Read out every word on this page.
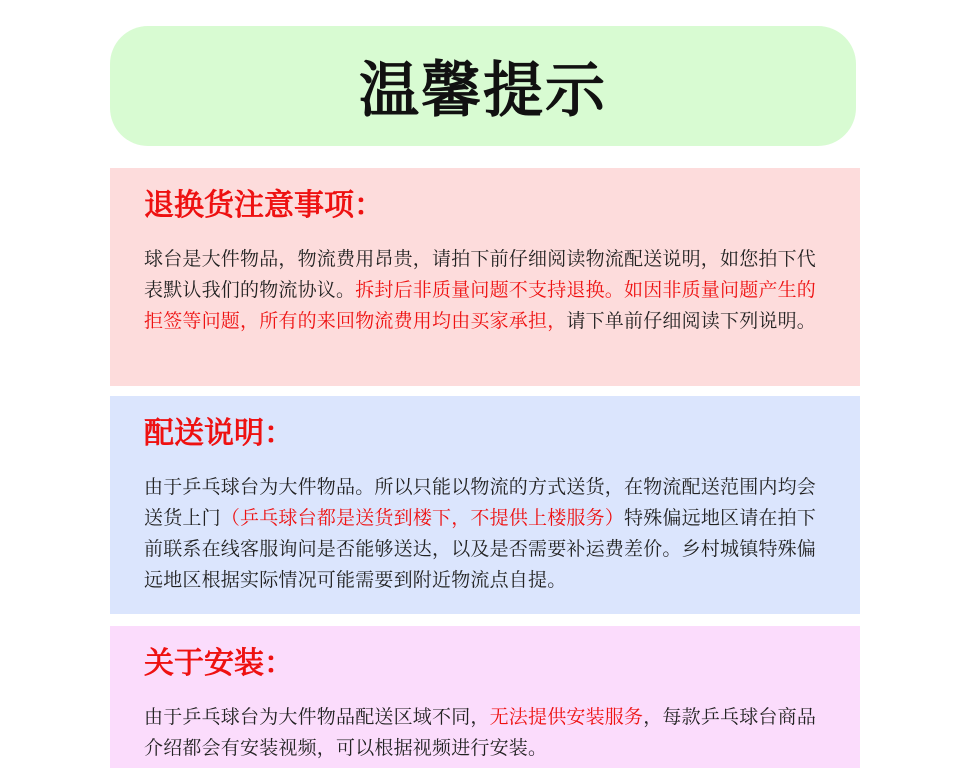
温馨提示
退换货注意事项：

球台是大件物品，物流费用昂贵，请拍下前仔细阅读物流配送说明，如您拍下代表默认我们的物流协议。拆封后非质量问题不支持退换。如因非质量问题产生的拒签等问题，所有的来回物流费用均由买家承担，请下单前仔细阅读下列说明。

配送说明：

由于乒乓球台为大件物品。所以只能以物流的方式送货，在物流配送范围内均会送货上门（乒乓球台都是送货到楼下，不提供上楼服务）特殊偏远地区请在拍下前联系在线客服询问是否能够送达，以及是否需要补运费差价。乡村城镇特殊偏远地区根据实际情况可能需要到附近物流点自提。

关于安装：

由于乒乓球台为大件物品配送区域不同，无法提供安装服务，每款乒乓球台商品介绍都会有安装视频，可以根据视频进行安装。
